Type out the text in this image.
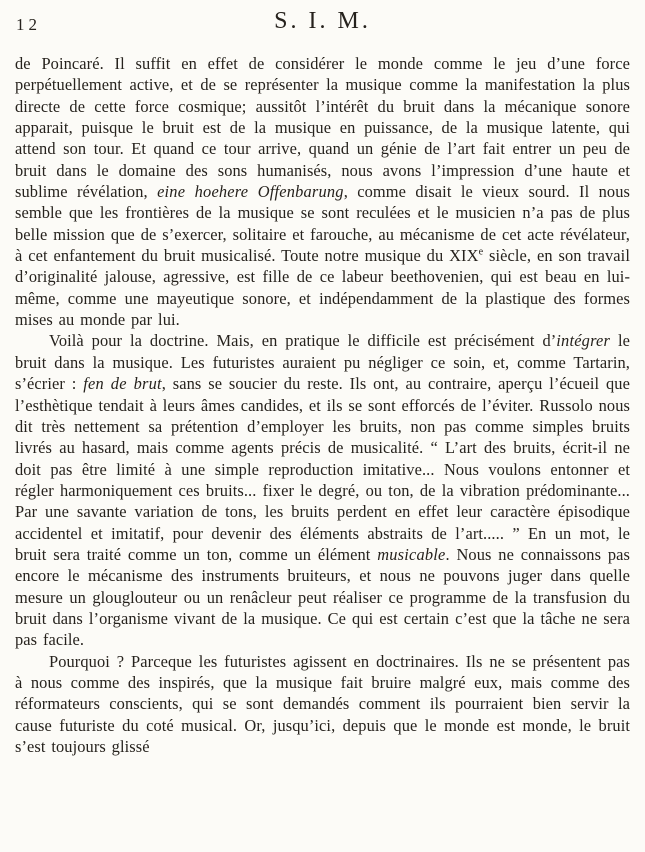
12	S. I. M.

de Poincaré. Il suffit en effet de considérer le monde comme le jeu d’une force perpétuellement active, et de se représenter la musique comme la manifestation la plus directe de cette force cosmique; aussitôt l’intérêt du bruit dans la mécanique sonore apparait, puisque le bruit est de la musique en puissance, de la musique latente, qui attend son tour. Et quand ce tour arrive, quand un génie de l’art fait entrer un peu de bruit dans le domaine des sons humanisés, nous avons l’impression d’une haute et sublime révélation, eine hoehere Offenbarung, comme disait le vieux sourd. Il nous semble que les frontières de la musique se sont reculées et le musicien n’a pas de plus belle mission que de s’exercer, solitaire et farouche, au mécanisme de cet acte révélateur, à cet enfantement du bruit musicalisé. Toute notre musique du XIXe siècle, en son travail d’originalité jalouse, agressive, est fille de ce labeur beethovenien, qui est beau en lui-même, comme une mayeutique sonore, et indépendamment de la plastique des formes mises au monde par lui.

Voilà pour la doctrine. Mais, en pratique le difficile est précisément d’intégrer le bruit dans la musique. Les futuristes auraient pu négliger ce soin, et, comme Tartarin, s’écrier : fen de brut, sans se soucier du reste. Ils ont, au contraire, aperçu l’écueil que l’esthètique tendait à leurs âmes candides, et ils se sont efforcés de l’éviter. Russolo nous dit très nettement sa prétention d’employer les bruits, non pas comme simples bruits livrés au hasard, mais comme agents précis de musicalité. “ L’art des bruits, écrit-il ne doit pas être limité à une simple reproduction imitative... Nous voulons entonner et régler harmoniquement ces bruits... fixer le degré, ou ton, de la vibration prédominante... Par une savante variation de tons, les bruits perdent en effet leur caractère épisodique accidentel et imitatif, pour devenir des éléments abstraits de l’art..... ” En un mot, le bruit sera traité comme un ton, comme un élément musicable. Nous ne connaissons pas encore le mécanisme des instruments bruiteurs, et nous ne pouvons juger dans quelle mesure un glouglouteur ou un renâcleur peut réaliser ce programme de la transfusion du bruit dans l’organisme vivant de la musique. Ce qui est certain c’est que la tâche ne sera pas facile.

Pourquoi ? Parceque les futuristes agissent en doctrinaires. Ils ne se présentent pas à nous comme des inspirés, que la musique fait bruire malgré eux, mais comme des réformateurs conscients, qui se sont demandés comment ils pourraient bien servir la cause futuriste du coté musical. Or, jusqu’ici, depuis que le monde est monde, le bruit s’est toujours glissé
